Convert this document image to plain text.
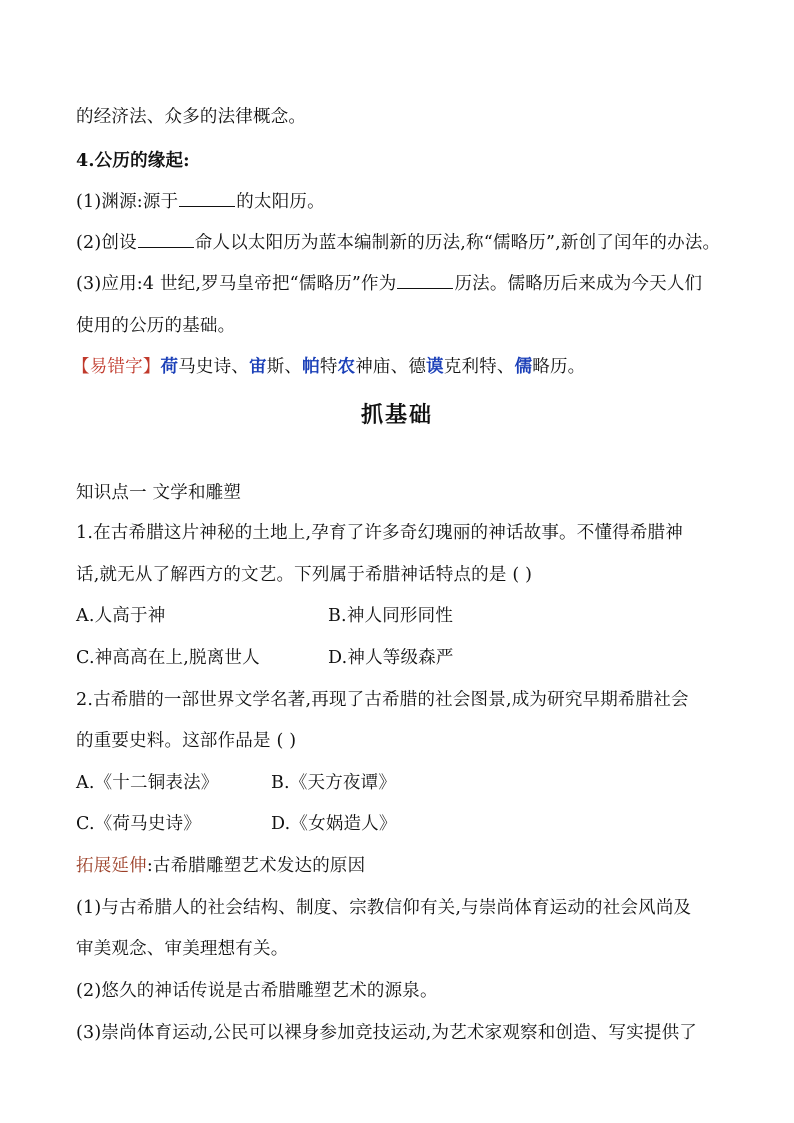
的经济法、众多的法律概念。
4.公历的缘起:
(1)渊源:源于	的太阳历。
(2)创设	命人以太阳历为蓝本编制新的历法,称“儒略历”,新创了闰年的办法。
(3)应用:4 世纪,罗马皇帝把“儒略历”作为	历法。儒略历后来成为今天人们
使用的公历的基础。
【易错字】荷马史诗、宙斯、帕特农神庙、德谟克利特、儒略历。
抓基础
知识点一 文学和雕塑
1.在古希腊这片神秘的土地上,孕育了许多奇幻瑰丽的神话故事。不懂得希腊神
话,就无从了解西方的文艺。下列属于希腊神话特点的是 ( )
A.人高于神	B.神人同形同性
C.神高高在上,脱离世人	D.神人等级森严
2.古希腊的一部世界文学名著,再现了古希腊的社会图景,成为研究早期希腊社会
的重要史料。这部作品是 ( )
A.《十二铜表法》	B.《天方夜谭》
C.《荷马史诗》	D.《女娲造人》
拓展延伸:古希腊雕塑艺术发达的原因
(1)与古希腊人的社会结构、制度、宗教信仰有关,与崇尚体育运动的社会风尚及
审美观念、审美理想有关。
(2)悠久的神话传说是古希腊雕塑艺术的源泉。
(3)崇尚体育运动,公民可以裸身参加竞技运动,为艺术家观察和创造、写实提供了
